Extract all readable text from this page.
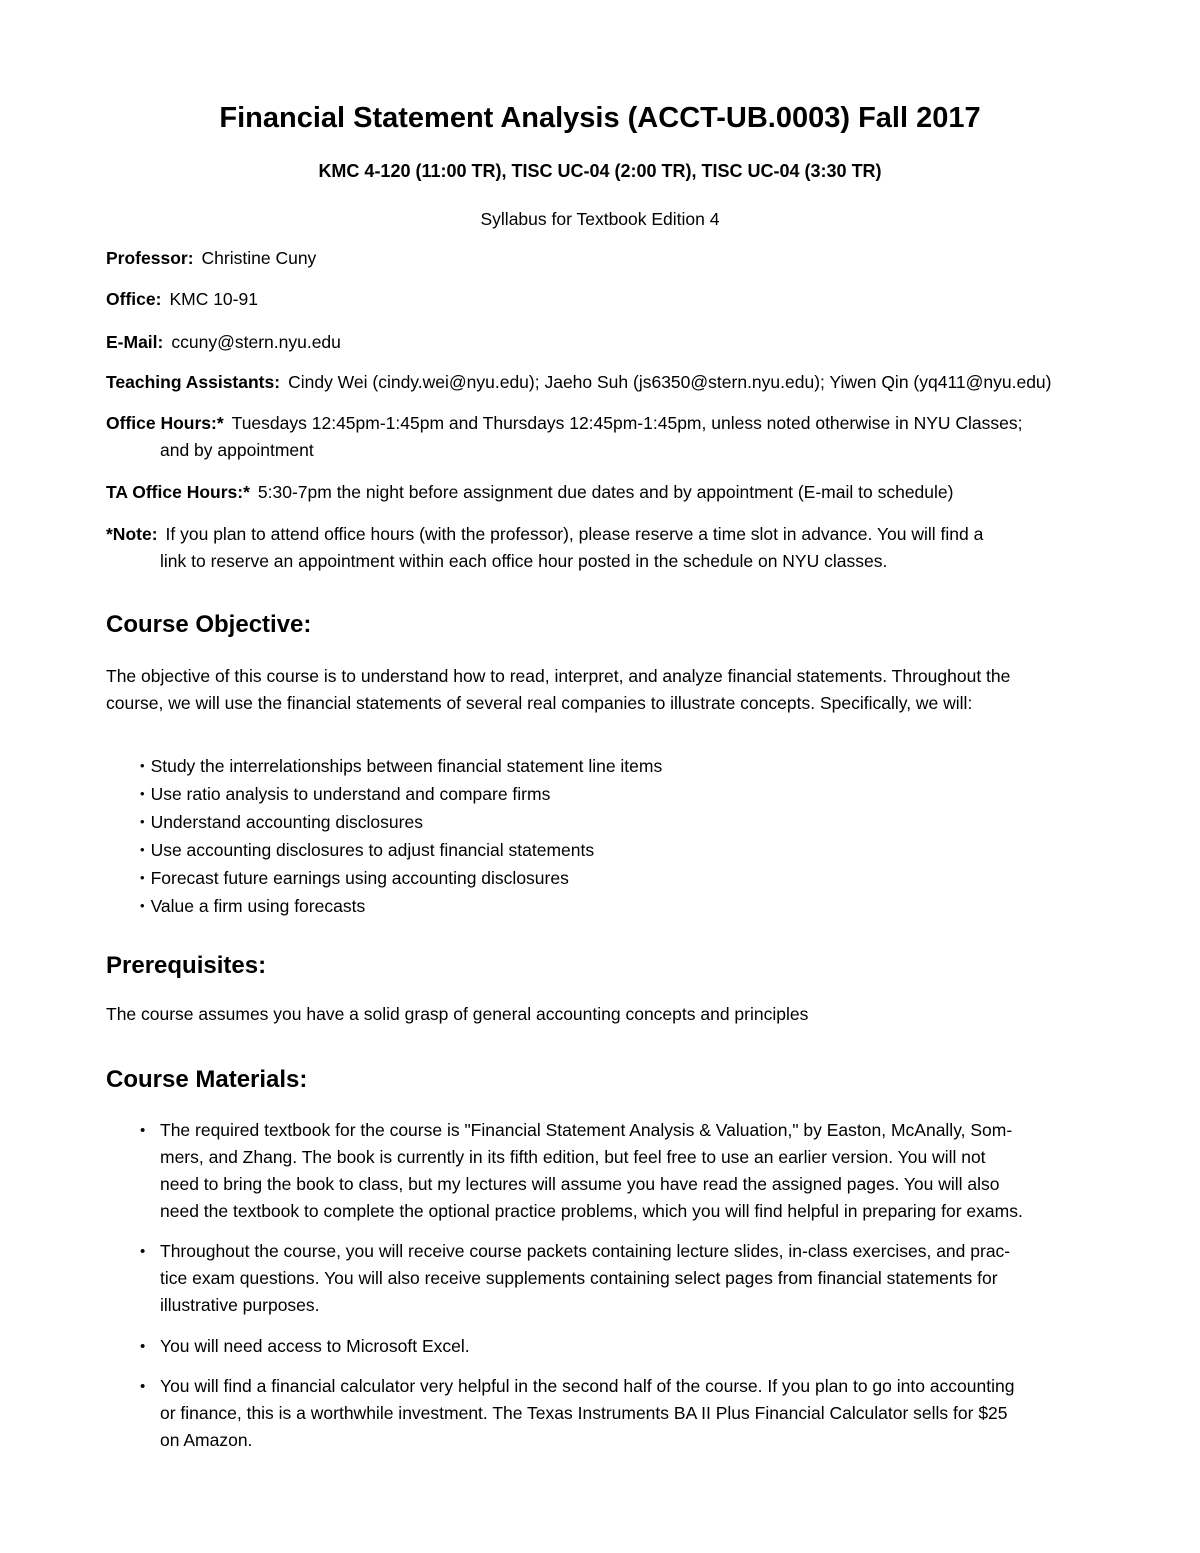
Financial Statement Analysis (ACCT-UB.0003) Fall 2017
KMC 4-120 (11:00 TR), TISC UC-04 (2:00 TR), TISC UC-04 (3:30 TR)
Syllabus for Textbook Edition 4
Professor: Christine Cuny
Office: KMC 10-91
E-Mail: ccuny@stern.nyu.edu
Teaching Assistants: Cindy Wei (cindy.wei@nyu.edu); Jaeho Suh (js6350@stern.nyu.edu); Yiwen Qin (yq411@nyu.edu)
Office Hours:* Tuesdays 12:45pm-1:45pm and Thursdays 12:45pm-1:45pm, unless noted otherwise in NYU Classes;
and by appointment
TA Office Hours:* 5:30-7pm the night before assignment due dates and by appointment (E-mail to schedule)
*Note: If you plan to attend office hours (with the professor), please reserve a time slot in advance. You will find a
link to reserve an appointment within each office hour posted in the schedule on NYU classes.
Course Objective:
The objective of this course is to understand how to read, interpret, and analyze financial statements. Throughout the
course, we will use the financial statements of several real companies to illustrate concepts. Specifically, we will:
• Study the interrelationships between financial statement line items
• Use ratio analysis to understand and compare firms
• Understand accounting disclosures
• Use accounting disclosures to adjust financial statements
• Forecast future earnings using accounting disclosures
• Value a firm using forecasts
Prerequisites:
The course assumes you have a solid grasp of general accounting concepts and principles
Course Materials:
• The required textbook for the course is "Financial Statement Analysis & Valuation," by Easton, McAnally, Som-
mers, and Zhang. The book is currently in its fifth edition, but feel free to use an earlier version. You will not
need to bring the book to class, but my lectures will assume you have read the assigned pages. You will also
need the textbook to complete the optional practice problems, which you will find helpful in preparing for exams.
• Throughout the course, you will receive course packets containing lecture slides, in-class exercises, and prac-
tice exam questions. You will also receive supplements containing select pages from financial statements for
illustrative purposes.
• You will need access to Microsoft Excel.
• You will find a financial calculator very helpful in the second half of the course. If you plan to go into accounting
or finance, this is a worthwhile investment. The Texas Instruments BA II Plus Financial Calculator sells for $25
on Amazon.
